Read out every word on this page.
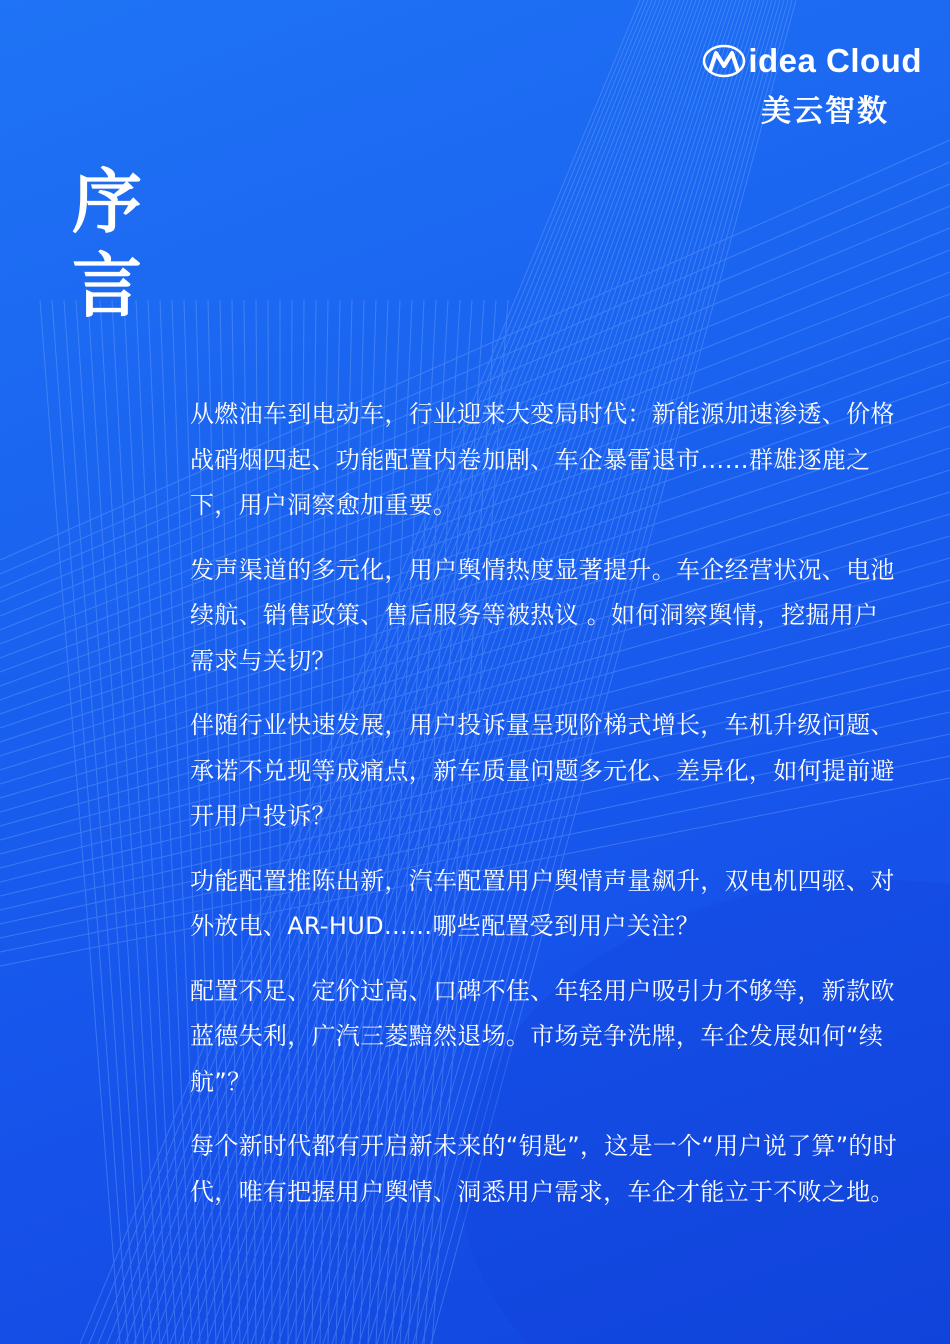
idea Cloud
美云智数
序
言

从燃油车到电动车，行业迎来大变局时代：新能源加速渗透、价格战硝烟四起、功能配置内卷加剧、车企暴雷退市……群雄逐鹿之下，用户洞察愈加重要。

发声渠道的多元化，用户舆情热度显著提升。车企经营状况、电池续航、销售政策、售后服务等被热议 。如何洞察舆情，挖掘用户需求与关切？

伴随行业快速发展，用户投诉量呈现阶梯式增长，车机升级问题、承诺不兑现等成痛点，新车质量问题多元化、差异化，如何提前避开用户投诉？

功能配置推陈出新，汽车配置用户舆情声量飙升，双电机四驱、对外放电、AR-HUD……哪些配置受到用户关注？

配置不足、定价过高、口碑不佳、年轻用户吸引力不够等，新款欧蓝德失利，广汽三菱黯然退场。市场竞争洗牌，车企发展如何“续航”？

每个新时代都有开启新未来的“钥匙”，这是一个“用户说了算”的时代，唯有把握用户舆情、洞悉用户需求，车企才能立于不败之地。
